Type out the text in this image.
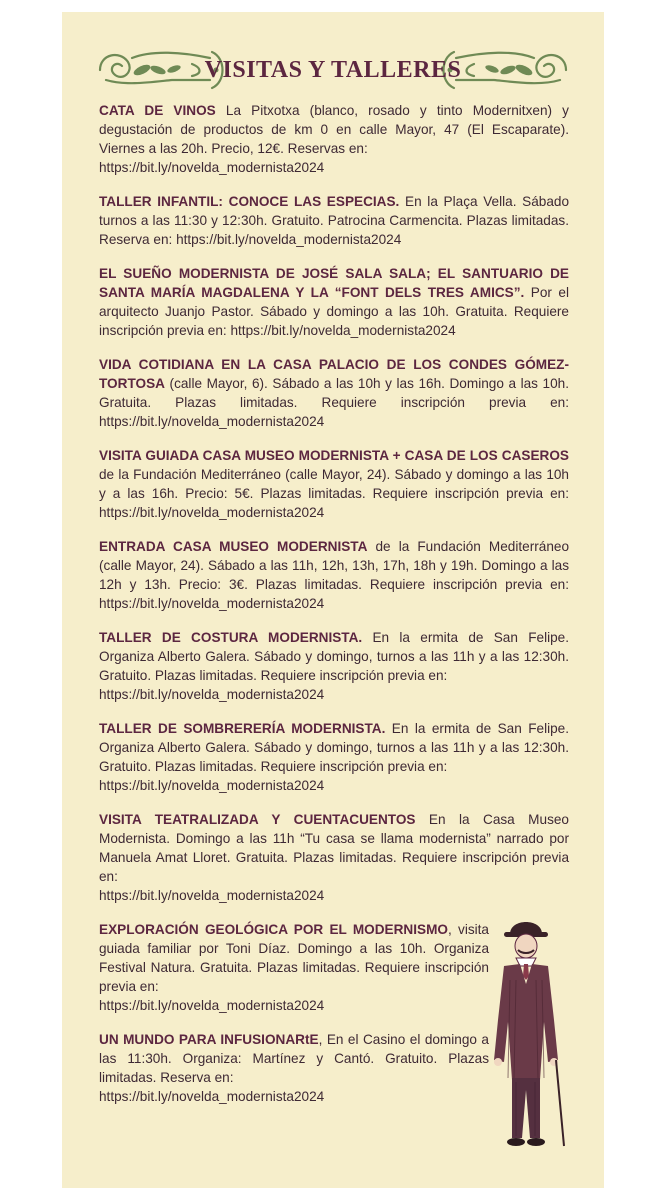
VISITAS Y TALLERES

CATA DE VINOS La Pitxotxa (blanco, rosado y tinto Modernitxen) y degustación de productos de km 0 en calle Mayor, 47 (El Escaparate). Viernes a las 20h. Precio, 12€. Reservas en:
https://bit.ly/novelda_modernista2024

TALLER INFANTIL: CONOCE LAS ESPECIAS. En la Plaça Vella. Sábado turnos a las 11:30 y 12:30h. Gratuito. Patrocina Carmencita. Plazas limitadas. Reserva en: https://bit.ly/novelda_modernista2024

EL SUEÑO MODERNISTA DE JOSÉ SALA SALA; EL SANTUARIO DE SANTA MARÍA MAGDALENA Y LA “FONT DELS TRES AMICS”. Por el arquitecto Juanjo Pastor. Sábado y domingo a las 10h. Gratuita. Requiere inscripción previa en: https://bit.ly/novelda_modernista2024

VIDA COTIDIANA EN LA CASA PALACIO DE LOS CONDES GÓMEZ-TORTOSA (calle Mayor, 6). Sábado a las 10h y las 16h. Domingo a las 10h. Gratuita. Plazas limitadas. Requiere inscripción previa en: https://bit.ly/novelda_modernista2024

VISITA GUIADA CASA MUSEO MODERNISTA + CASA DE LOS CASEROS de la Fundación Mediterráneo (calle Mayor, 24). Sábado y domingo a las 10h y a las 16h. Precio: 5€. Plazas limitadas. Requiere inscripción previa en: https://bit.ly/novelda_modernista2024

ENTRADA CASA MUSEO MODERNISTA de la Fundación Mediterráneo (calle Mayor, 24). Sábado a las 11h, 12h, 13h, 17h, 18h y 19h. Domingo a las 12h y 13h. Precio: 3€. Plazas limitadas. Requiere inscripción previa en: https://bit.ly/novelda_modernista2024

TALLER DE COSTURA MODERNISTA. En la ermita de San Felipe. Organiza Alberto Galera. Sábado y domingo, turnos a las 11h y a las 12:30h. Gratuito. Plazas limitadas. Requiere inscripción previa en:
https://bit.ly/novelda_modernista2024

TALLER DE SOMBRERERÍA MODERNISTA. En la ermita de San Felipe. Organiza Alberto Galera. Sábado y domingo, turnos a las 11h y a las 12:30h. Gratuito. Plazas limitadas. Requiere inscripción previa en:
https://bit.ly/novelda_modernista2024

VISITA TEATRALIZADA Y CUENTACUENTOS En la Casa Museo Modernista. Domingo a las 11h “Tu casa se llama modernista” narrado por Manuela Amat Lloret. Gratuita. Plazas limitadas. Requiere inscripción previa en:
https://bit.ly/novelda_modernista2024

EXPLORACIÓN GEOLÓGICA POR EL MODERNISMO, visita guiada familiar por Toni Díaz. Domingo a las 10h. Organiza Festival Natura. Gratuita. Plazas limitadas. Requiere inscripción previa en:
https://bit.ly/novelda_modernista2024

UN MUNDO PARA INFUSIONARtE, En el Casino el domingo a las 11:30h. Organiza: Martínez y Cantó. Gratuito. Plazas limitadas. Reserva en:
https://bit.ly/novelda_modernista2024
